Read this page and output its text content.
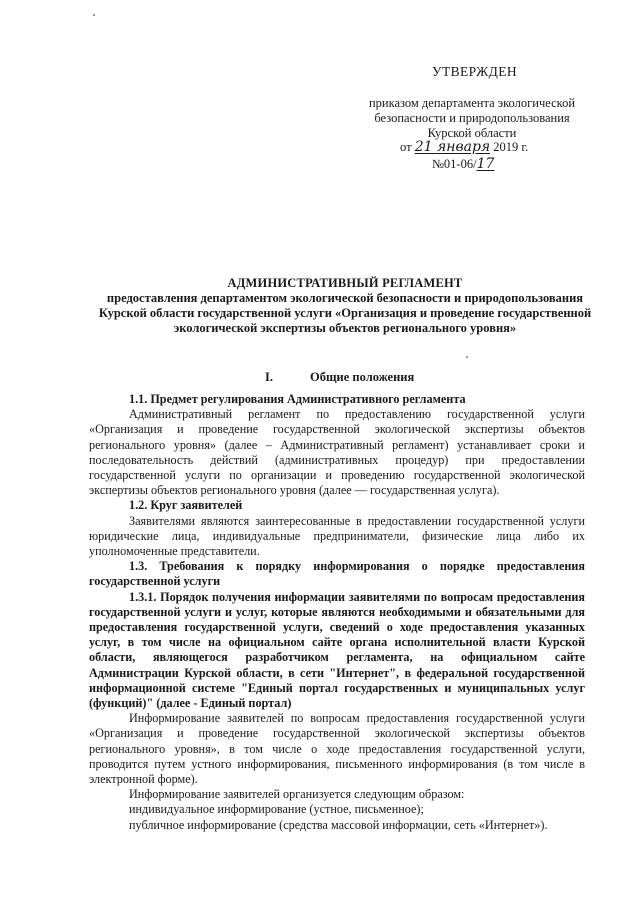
УТВЕРЖДЕН
приказом департамента экологической
безопасности и природопользования
Курской области
от 21 января 2019 г.
№01-06/17
АДМИНИСТРАТИВНЫЙ РЕГЛАМЕНТ
предоставления департаментом экологической безопасности и природопользования Курской области государственной услуги «Организация и проведение государственной экологической экспертизы объектов регионального уровня»
I.	Общие положения

1.1. Предмет регулирования Административного регламента

Административный регламент по предоставлению государственной услуги «Организация и проведение государственной экологической экспертизы объектов регионального уровня» (далее – Административный регламент) устанавливает сроки и последовательность действий (административных процедур) при предоставлении государственной услуги по организации и проведению государственной экологической экспертизы объектов регионального уровня (далее — государственная услуга).

1.2. Круг заявителей

Заявителями являются заинтересованные в предоставлении государственной услуги юридические лица, индивидуальные предприниматели, физические лица либо их уполномоченные представители.

1.3. Требования к порядку информирования о порядке предоставления государственной услуги

1.3.1. Порядок получения информации заявителями по вопросам предоставления государственной услуги и услуг, которые являются необходимыми и обязательными для предоставления государственной услуги, сведений о ходе предоставления указанных услуг, в том числе на официальном сайте органа исполнительной власти Курской области, являющегося разработчиком регламента, на официальном сайте Администрации Курской области, в сети "Интернет", в федеральной государственной информационной системе "Единый портал государственных и муниципальных услуг (функций)" (далее - Единый портал)

Информирование заявителей по вопросам предоставления государственной услуги «Организация и проведение государственной экологической экспертизы объектов регионального уровня», в том числе о ходе предоставления государственной услуги, проводится путем устного информирования, письменного информирования (в том числе в электронной форме).

Информирование заявителей организуется следующим образом:

индивидуальное информирование (устное, письменное);

публичное информирование (средства массовой информации, сеть «Интернет»).
